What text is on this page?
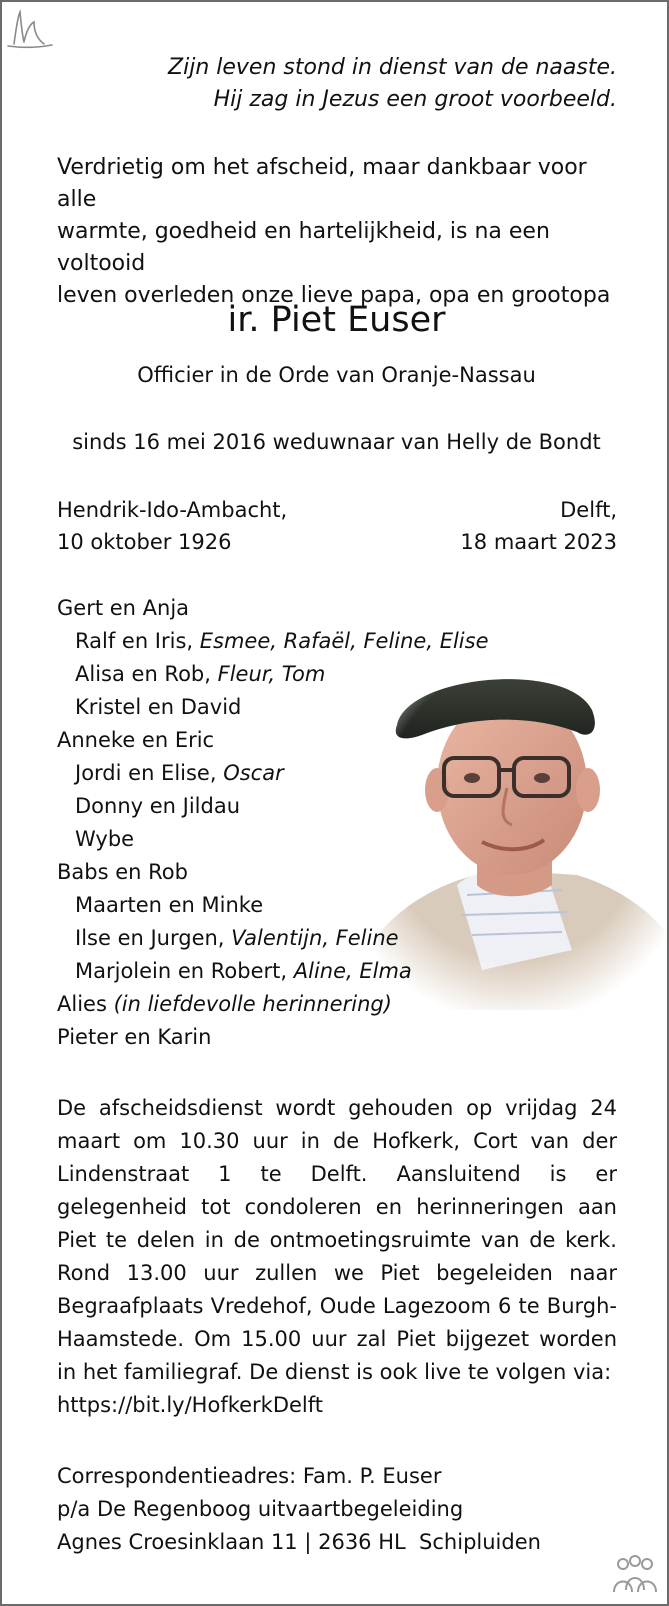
Zijn leven stond in dienst van de naaste.
Hij zag in Jezus een groot voorbeeld.
Verdrietig om het afscheid, maar dankbaar voor alle
warmte, goedheid en hartelijkheid, is na een voltooid
leven overleden onze lieve papa, opa en grootopa
ir. Piet Euser
Officier in de Orde van Oranje-Nassau
sinds 16 mei 2016 weduwnaar van Helly de Bondt
Hendrik-Ido-Ambacht,	Delft,
10 oktober 1926	18 maart 2023
Gert en Anja
Ralf en Iris, Esmee, Rafaël, Feline, Elise
Alisa en Rob, Fleur, Tom
Kristel en David
Anneke en Eric
Jordi en Elise, Oscar
Donny en Jildau
Wybe
Babs en Rob
Maarten en Minke
Ilse en Jurgen, Valentijn, Feline
Marjolein en Robert, Aline, Elma
Alies (in liefdevolle herinnering)
Pieter en Karin
De afscheidsdienst wordt gehouden op vrijdag 24 maart om 10.30 uur in de Hofkerk, Cort van der Lindenstraat 1 te Delft. Aansluitend is er gelegenheid tot condoleren en herinneringen aan Piet te delen in de ontmoetingsruimte van de kerk. Rond 13.00 uur zullen we Piet begeleiden naar Begraafplaats Vredehof, Oude Lagezoom 6 te Burgh-Haamstede. Om 15.00 uur zal Piet bijgezet worden in het familiegraf. De dienst is ook live te volgen via:
https://bit.ly/HofkerkDelft
Correspondentieadres: Fam. P. Euser
p/a De Regenboog uitvaartbegeleiding
Agnes Croesinklaan 11 | 2636 HL  Schipluiden
